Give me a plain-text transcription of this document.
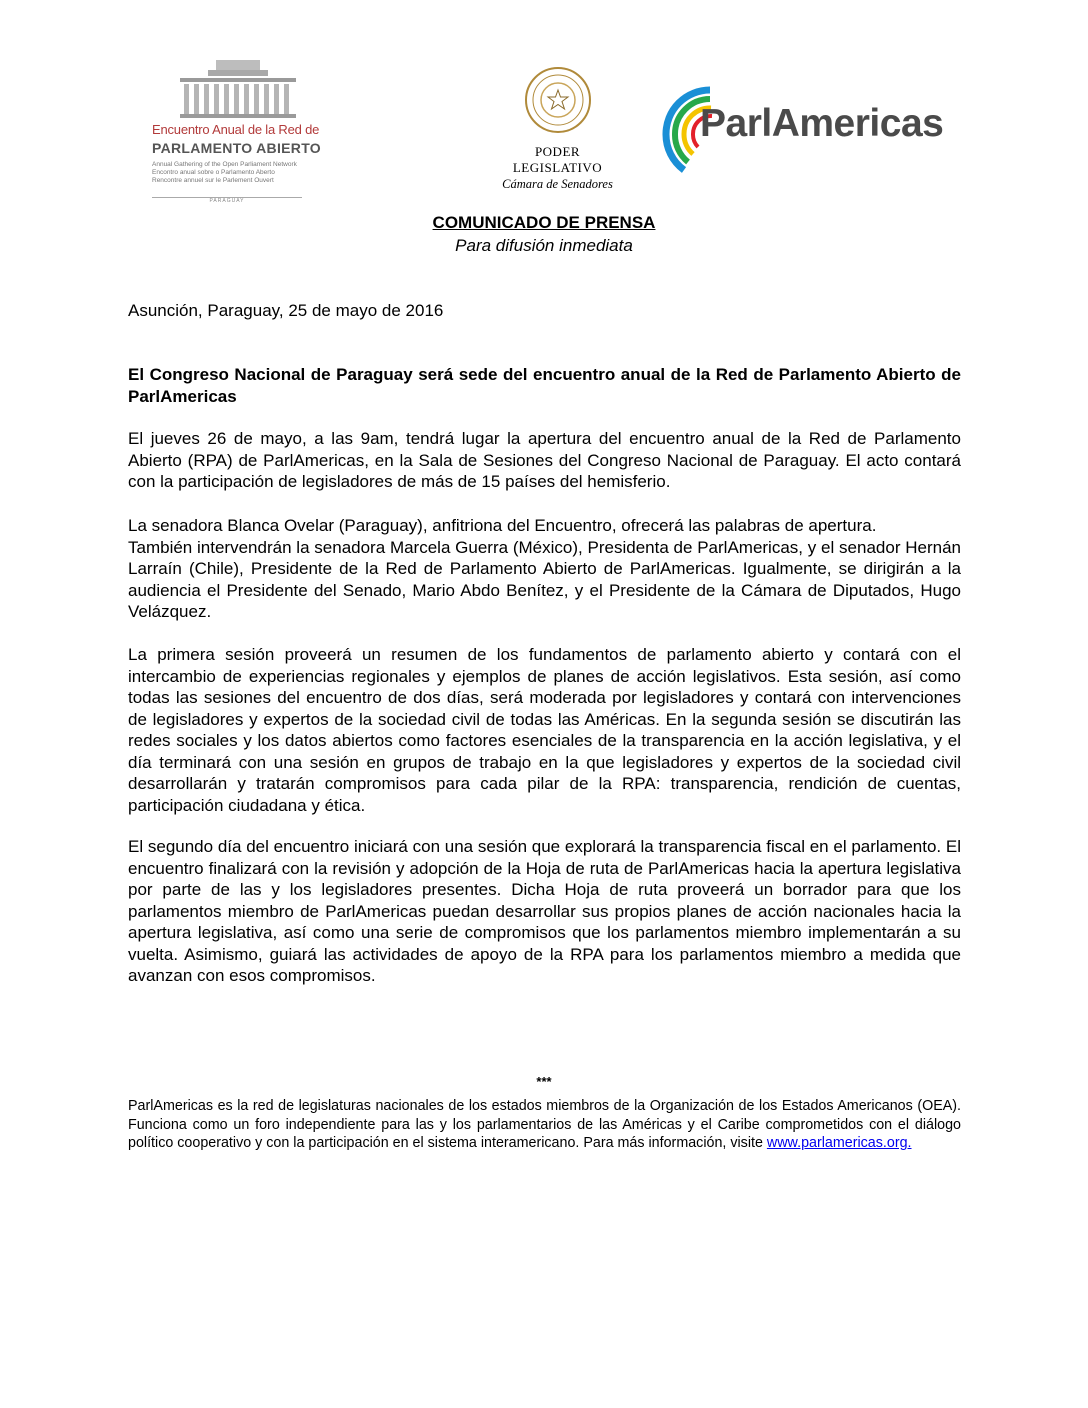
Encuentro Anual de la Red de
PARLAMENTO ABIERTO
Annual Gathering of the Open Parliament Network
Encontro anual sobre o Parlamento Aberto
Rencontre annuel sur le Parlement Ouvert
PARAGUAY
PODER LEGISLATIVO
Cámara de Senadores
ParlAmericas
COMUNICADO DE PRENSA
Para difusión inmediata
Asunción, Paraguay, 25 de mayo de 2016
El Congreso Nacional de Paraguay será sede del encuentro anual de la Red de Parlamento Abierto de ParlAmericas
El jueves 26 de mayo, a las 9am, tendrá lugar la apertura del encuentro anual de la Red de Parlamento Abierto (RPA) de ParlAmericas, en la Sala de Sesiones del Congreso Nacional de Paraguay. El acto contará con la participación de legisladores de más de 15 países del hemisferio.
La senadora Blanca Ovelar (Paraguay), anfitriona del Encuentro, ofrecerá las palabras de apertura.
También intervendrán la senadora Marcela Guerra (México), Presidenta de ParlAmericas, y el senador Hernán Larraín (Chile), Presidente de la Red de Parlamento Abierto de ParlAmericas. Igualmente, se dirigirán a la audiencia el Presidente del Senado, Mario Abdo Benítez, y el Presidente de la Cámara de Diputados, Hugo Velázquez.
La primera sesión proveerá un resumen de los fundamentos de parlamento abierto y contará con el intercambio de experiencias regionales y ejemplos de planes de acción legislativos. Esta sesión, así como todas las sesiones del encuentro de dos días, será moderada por legisladores y contará con intervenciones de legisladores y expertos de la sociedad civil de todas las Américas. En la segunda sesión se discutirán las redes sociales y los datos abiertos como factores esenciales de la transparencia en la acción legislativa, y el día terminará con una sesión en grupos de trabajo en la que legisladores y expertos de la sociedad civil desarrollarán y tratarán compromisos para cada pilar de la RPA: transparencia, rendición de cuentas, participación ciudadana y ética.
El segundo día del encuentro iniciará con una sesión que explorará la transparencia fiscal en el parlamento. El encuentro finalizará con la revisión y adopción de la Hoja de ruta de ParlAmericas hacia la apertura legislativa por parte de las y los legisladores presentes. Dicha Hoja de ruta proveerá un borrador para que los parlamentos miembro de ParlAmericas puedan desarrollar sus propios planes de acción nacionales hacia la apertura legislativa, así como una serie de compromisos que los parlamentos miembro implementarán a su vuelta. Asimismo, guiará las actividades de apoyo de la RPA para los parlamentos miembro a medida que avanzan con esos compromisos.
***
ParlAmericas es la red de legislaturas nacionales de los estados miembros de la Organización de los Estados Americanos (OEA). Funciona como un foro independiente para las y los parlamentarios de las Américas y el Caribe comprometidos con el diálogo político cooperativo y con la participación en el sistema interamericano. Para más información, visite www.parlamericas.org.
